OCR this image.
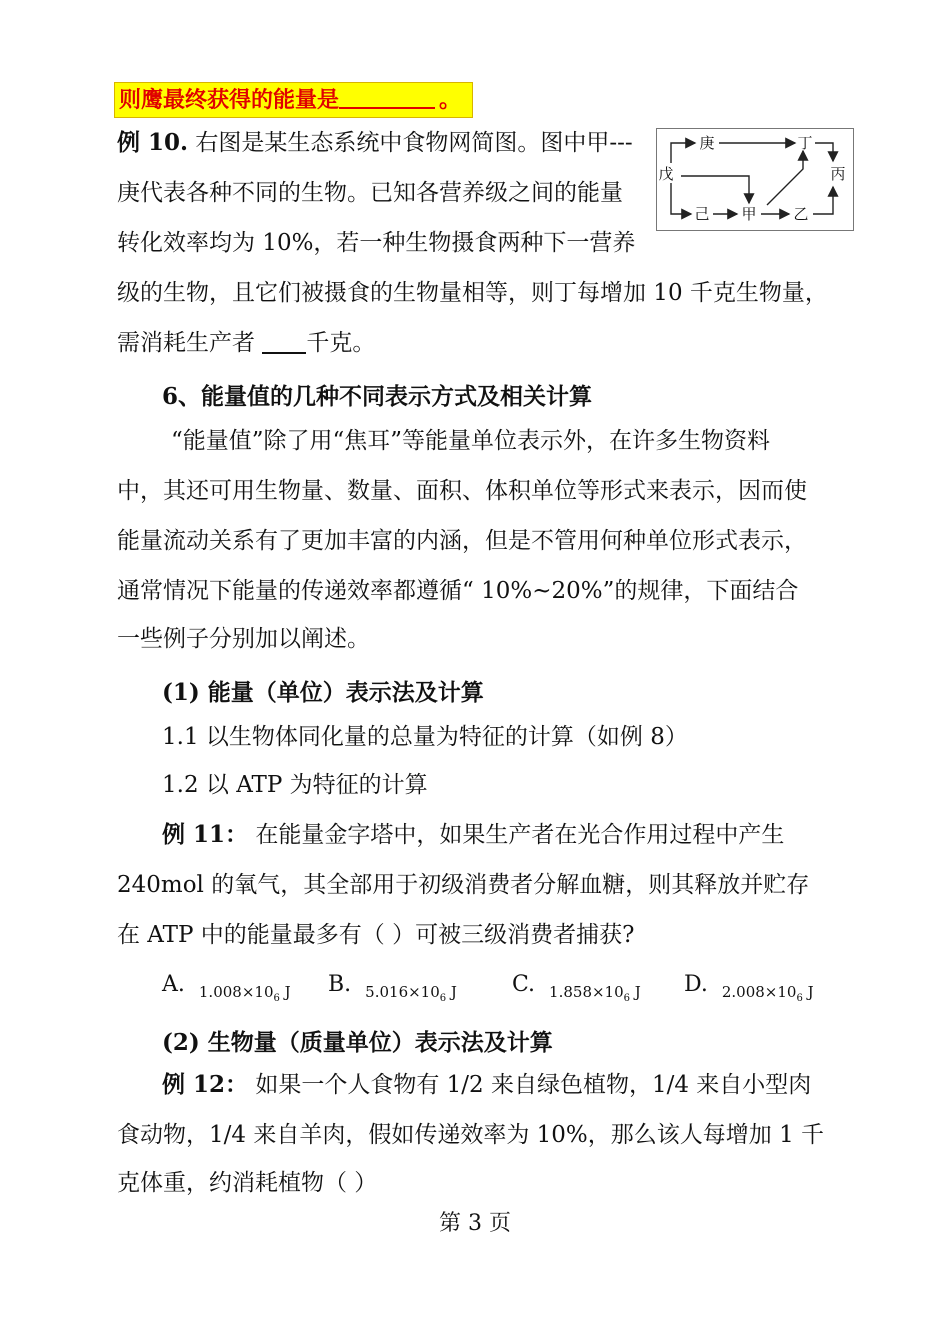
则鹰最终获得的能量是	。
例 10. 右图是某生态系统中食物网简图。图中甲---
庚代表各种不同的生物。已知各营养级之间的能量
转化效率均为 10%，若一种生物摄食两种下一营养
级的生物，且它们被摄食的生物量相等，则丁每增加 10 千克生物量，
需消耗生产者 千克。
戊
庚	丁
丙
己 甲 乙
6、能量值的几种不同表示方式及相关计算
“能量值”除了用“焦耳”等能量单位表示外，在许多生物资料
中，其还可用生物量、数量、面积、体积单位等形式来表示，因而使
能量流动关系有了更加丰富的内涵，但是不管用何种单位形式表示，
通常情况下能量的传递效率都遵循“ 10%~20%”的规律，下面结合
一些例子分别加以阐述。
(1) 能量（单位）表示法及计算
1.1 以生物体同化量的总量为特征的计算（如例 8）
1.2 以 ATP 为特征的计算
例 11： 在能量金字塔中，如果生产者在光合作用过程中产生
240mol 的氧气，其全部用于初级消费者分解血糖，则其释放并贮存
在 ATP 中的能量最多有（ ）可被三级消费者捕获?
A. $_{1.008\times 10_6 J}$ B. $_{5.016\times 10_6 J}$	C. $_{1.858\times 10_6 J}$ D. $_{2.008\times 10_6 J}$
(2) 生物量（质量单位）表示法及计算
例 12： 如果一个人食物有 1/2 来自绿色植物，1/4 来自小型肉
食动物，1/4 来自羊肉，假如传递效率为 10%，那么该人每增加 1 千
克体重，约消耗植物（ ）
第 3 页
